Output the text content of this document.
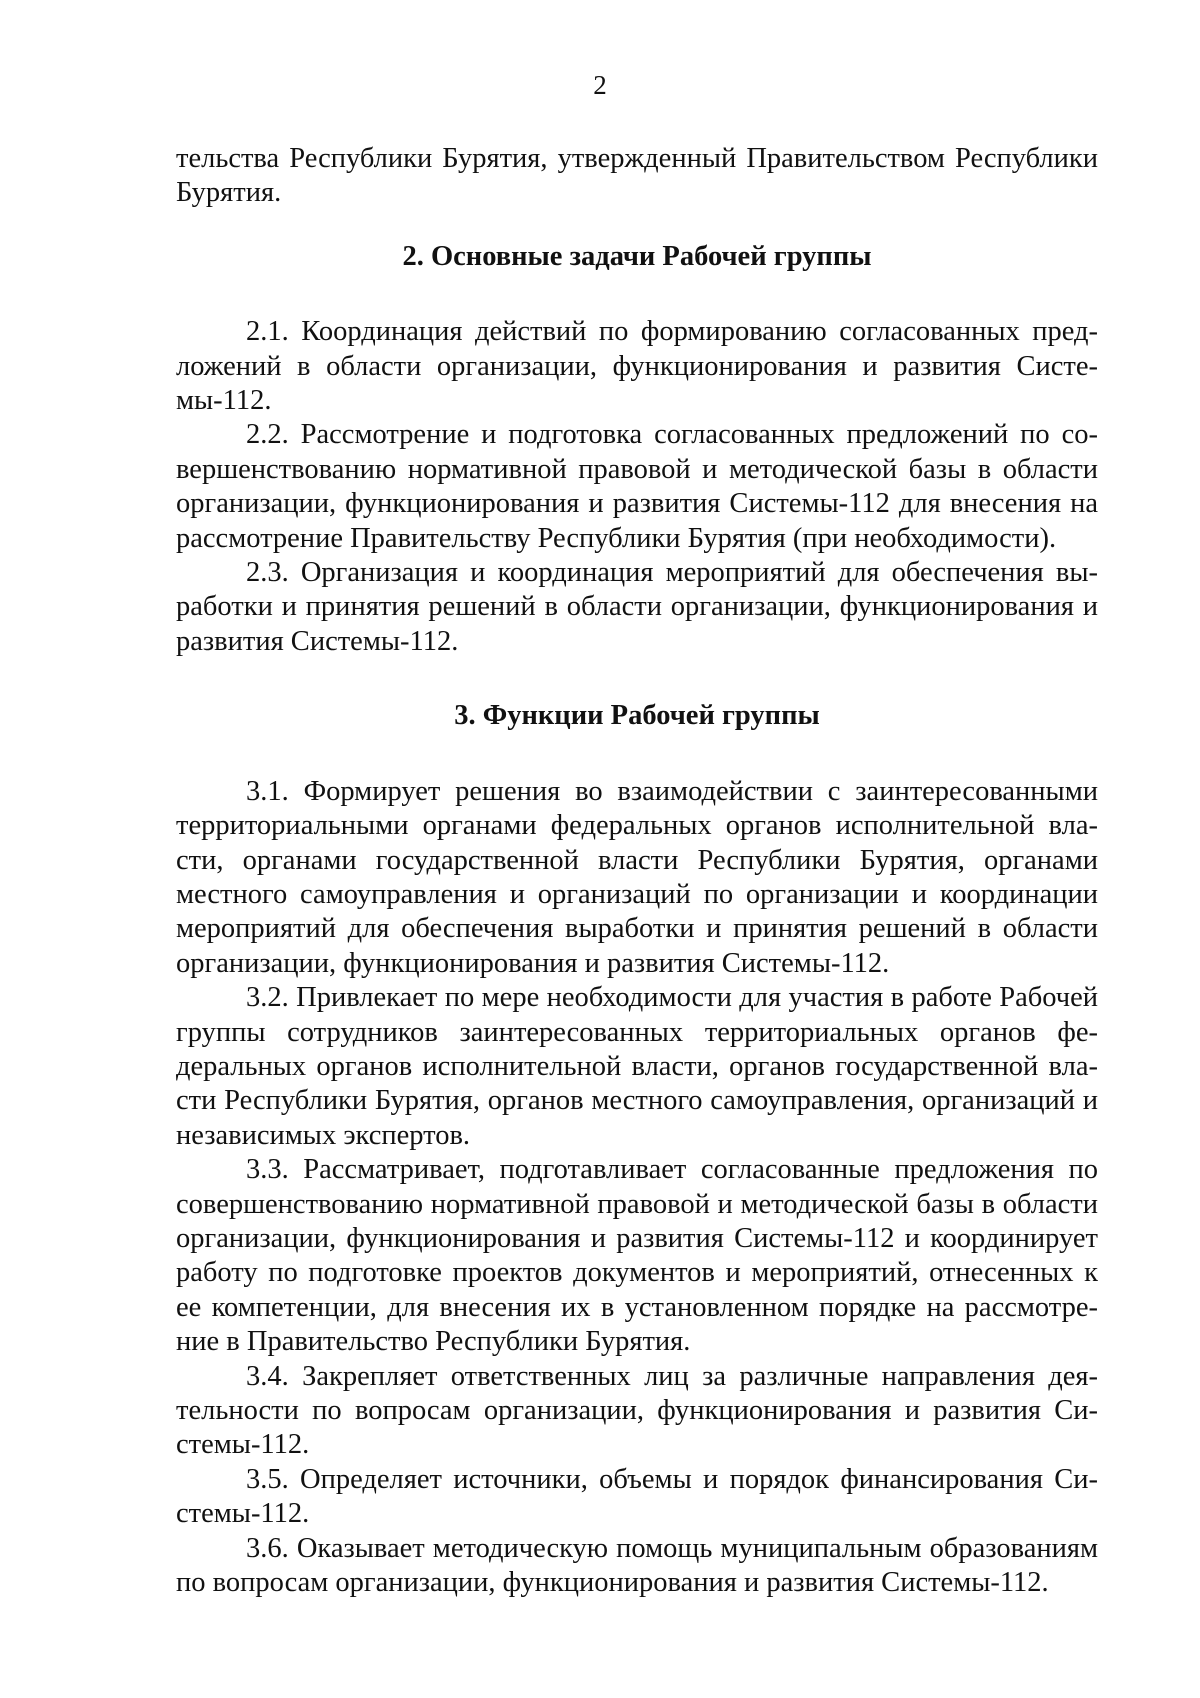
2

тельства Республики Бурятия, утвержденный Правительством Республики Бурятия.

2. Основные задачи Рабочей группы

2.1. Координация действий по формированию согласованных предложений в области организации, функционирования и развития Системы-112.

2.2. Рассмотрение и подготовка согласованных предложений по совершенствованию нормативной правовой и методической базы в области организации, функционирования и развития Системы-112 для внесения на рассмотрение Правительству Республики Бурятия (при необходимости).

2.3. Организация и координация мероприятий для обеспечения выработки и принятия решений в области организации, функционирования и развития Системы-112.

3. Функции Рабочей группы

3.1. Формирует решения во взаимодействии с заинтересованными территориальными органами федеральных органов исполнительной власти, органами государственной власти Республики Бурятия, органами местного самоуправления и организаций по организации и координации мероприятий для обеспечения выработки и принятия решений в области организации, функционирования и развития Системы-112.

3.2. Привлекает по мере необходимости для участия в работе Рабочей группы сотрудников заинтересованных территориальных органов федеральных органов исполнительной власти, органов государственной власти Республики Бурятия, органов местного самоуправления, организаций и независимых экспертов.

3.3. Рассматривает, подготавливает согласованные предложения по совершенствованию нормативной правовой и методической базы в области организации, функционирования и развития Системы-112 и координирует работу по подготовке проектов документов и мероприятий, отнесенных к ее компетенции, для внесения их в установленном порядке на рассмотрение в Правительство Республики Бурятия.

3.4. Закрепляет ответственных лиц за различные направления деятельности по вопросам организации, функционирования и развития Системы-112.

3.5. Определяет источники, объемы и порядок финансирования Системы-112.

3.6. Оказывает методическую помощь муниципальным образованиям по вопросам организации, функционирования и развития Системы-112.
